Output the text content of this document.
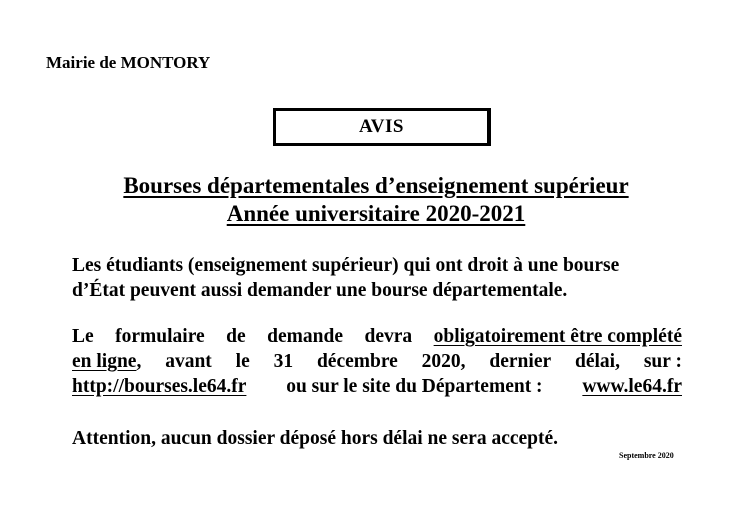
Mairie de MONTORY
AVIS
Bourses départementales d’enseignement supérieur
Année universitaire 2020-2021
Les étudiants (enseignement supérieur) qui ont droit à une bourse
d’État peuvent aussi demander une bourse départementale.
Le formulaire de demande devra obligatoirement être complété
en ligne, avant le 31 décembre 2020, dernier délai, sur :
http://bourses.le64.fr ou sur le site du Département : www.le64.fr
Attention, aucun dossier déposé hors délai ne sera accepté.
Septembre 2020
